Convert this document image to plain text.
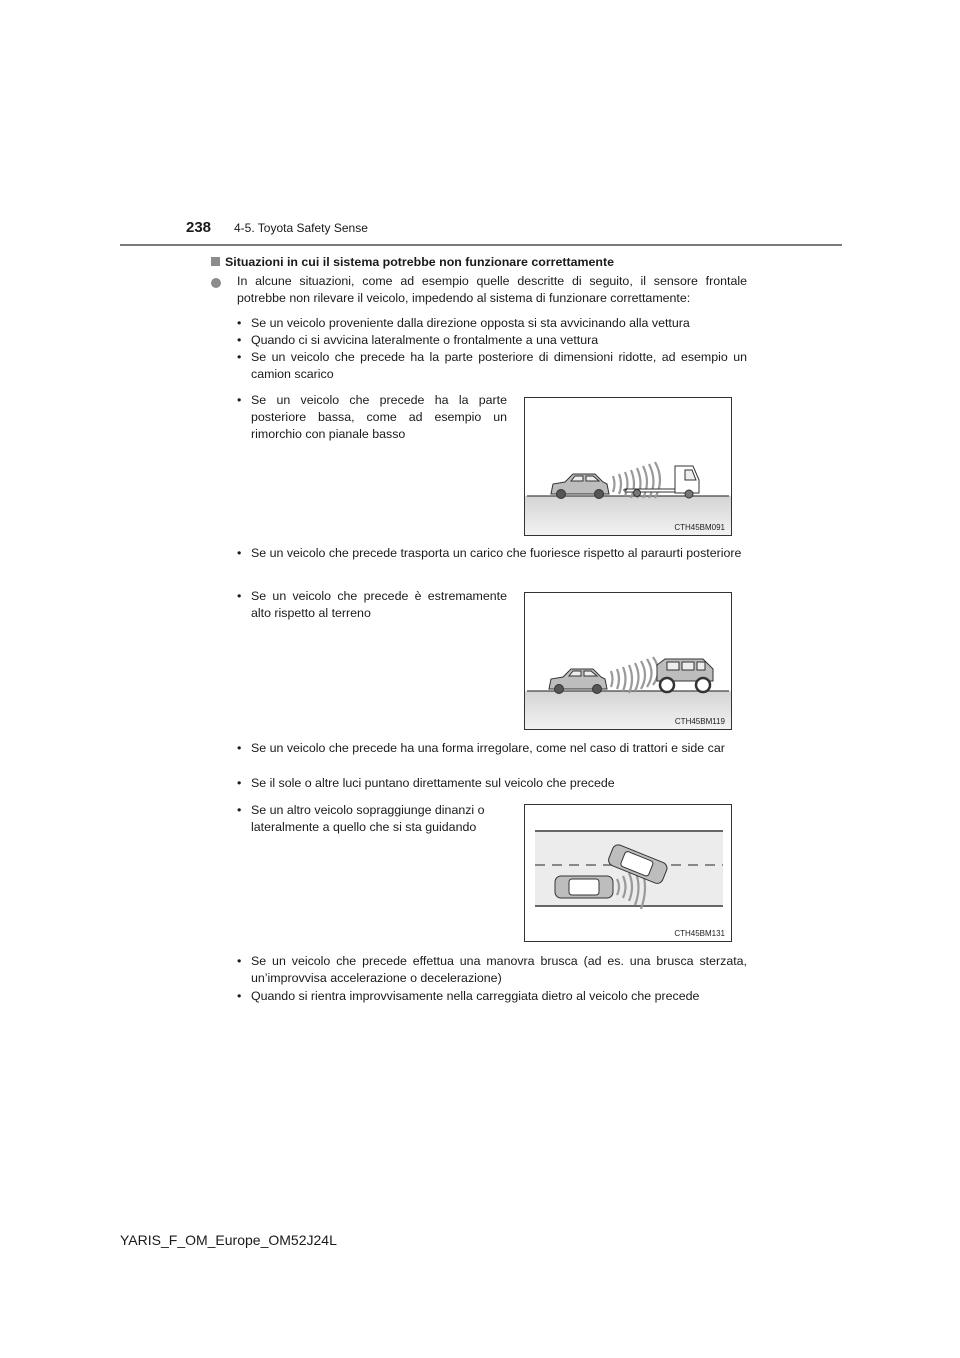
238 4-5. Toyota Safety Sense
Situazioni in cui il sistema potrebbe non funzionare correttamente
In alcune situazioni, come ad esempio quelle descritte di seguito, il sensore frontale potrebbe non rilevare il veicolo, impedendo al sistema di funzionare correttamente:
• Se un veicolo proveniente dalla direzione opposta si sta avvicinando alla vettura
• Quando ci si avvicina lateralmente o frontalmente a una vettura
• Se un veicolo che precede ha la parte posteriore di dimensioni ridotte, ad esempio un camion scarico
• Se un veicolo che precede ha la parte posteriore bassa, come ad esempio un rimorchio con pianale basso
• Se un veicolo che precede trasporta un carico che fuoriesce rispetto al paraurti posteriore
• Se un veicolo che precede è estremamente alto rispetto al terreno
• Se un veicolo che precede ha una forma irregolare, come nel caso di trattori e side car
• Se il sole o altre luci puntano direttamente sul veicolo che precede
• Se un altro veicolo sopraggiunge dinanzi o lateralmente a quello che si sta guidando
• Se un veicolo che precede effettua una manovra brusca (ad es. una brusca sterzata, un’improvvisa accelerazione o decelerazione)
• Quando si rientra improvvisamente nella carreggiata dietro al veicolo che precede
CTH45BM091
CTH45BM119
CTH45BM131
YARIS_F_OM_Europe_OM52J24L
